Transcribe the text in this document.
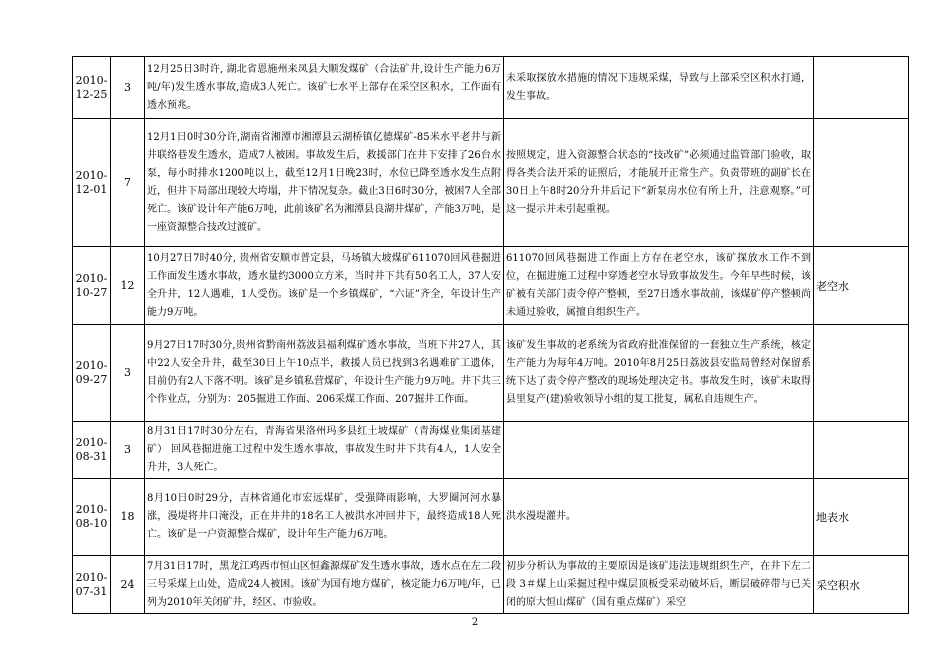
2010-12-25	3	12月25日3时许, 湖北省恩施州来凤县大顺发煤矿（合法矿井,设计生产能力6万吨/年)发生透水事故,造成3人死亡。该矿七水平上部存在采空区积水，工作面有透水预兆。	未采取探放水措施的情况下违规采煤，导致与上部采空区积水打通，发生事故。	

2010-12-01	7	12月1日0时30分许,湖南省湘潭市湘潭县云湖桥镇亿德煤矿-85米水平老井与新井联络巷发生透水，造成7人被困。事故发生后，救援部门在井下安排了26台水泵，每小时排水1200吨以上，截至12月1日晚23时，水位已降至透水发生点附近，但井下局部出现较大垮塌，井下情况复杂。截止3日6时30分，被困7人全部死亡。该矿设计年产能6万吨，此前该矿名为湘潭县良湖井煤矿，产能3万吨，是一座资源整合技改过渡矿。	按照规定，进入资源整合状态的“技改矿”必须通过监管部门验收，取得各类合法开采的证照后，才能展开正常生产。负责带班的副矿长在30日上午8时20分升井后记下“新泵房水位有所上升，注意观察。”可这一提示并未引起重视。	

2010-10-27	12	10月27日7时40分, 贵州省安顺市普定县，马场镇大坡煤矿611070回风巷掘进工作面发生透水事故，透水量约3000立方米，当时井下共有50名工人，37人安全升井，12人遇难，1人受伤。该矿是一个乡镇煤矿，“六证”齐全，年设计生产能力9万吨。	611070回风巷掘进工作面上方存在老空水，该矿探放水工作不到位，在掘进施工过程中穿透老空水导致事故发生。今年早些时候，该矿被有关部门责令停产整顿，至27日透水事故前，该煤矿停产整顿尚未通过验收，属擅自组织生产。	老空水

2010-09-27	3	9月27日17时30分,贵州省黔南州荔波县福利煤矿透水事故，当班下井27人，其中22人安全升井，截至30日上午10点半，救援人员已找到3名遇难矿工遗体，目前仍有2人下落不明。该矿是乡镇私营煤矿，年设计生产能力9万吨。井下共三个作业点，分别为：205掘进工作面、206采煤工作面、207掘井工作面。	该矿发生事故的老系统为省政府批准保留的一套独立生产系统，核定生产能力为每年4万吨。2010年8月25日荔波县安监局曾经对保留系统下达了责令停产整改的现场处理决定书。事故发生时，该矿未取得县里复产(建)验收领导小组的复工批复，属私自违规生产。	

2010-08-31	3	8月31日17时30分左右，青海省果洛州玛多县红土坡煤矿（青海煤业集团基建矿） 回风巷掘进施工过程中发生透水事故，事故发生时井下共有4人，1人安全升井，3人死亡。		

2010-08-10	18	8月10日0时29分，吉林省通化市宏远煤矿，受强降雨影响，大罗圈河河水暴涨，漫堤将井口淹没，正在井井的18名工人被洪水冲回井下，最终造成18人死亡。该矿是一户资源整合煤矿，设计年生产能力6万吨。	洪水漫堤灌井。	地表水

2010-07-31	24	7月31日17时，黑龙江鸡西市恒山区恒鑫源煤矿发生透水事故，透水点在左二段三号采煤上山处，造成24人被困。该矿为国有地方煤矿，核定能力6万吨/年，已列为2010年关闭矿井，经区、市验收。	初步分析认为事故的主要原因是该矿违法违规组织生产，在井下左二段 3＃煤上山采掘过程中煤层顶板受采动破坏后，断层破碎带与已关闭的原大恒山煤矿（国有重点煤矿）采空	采空积水
2
